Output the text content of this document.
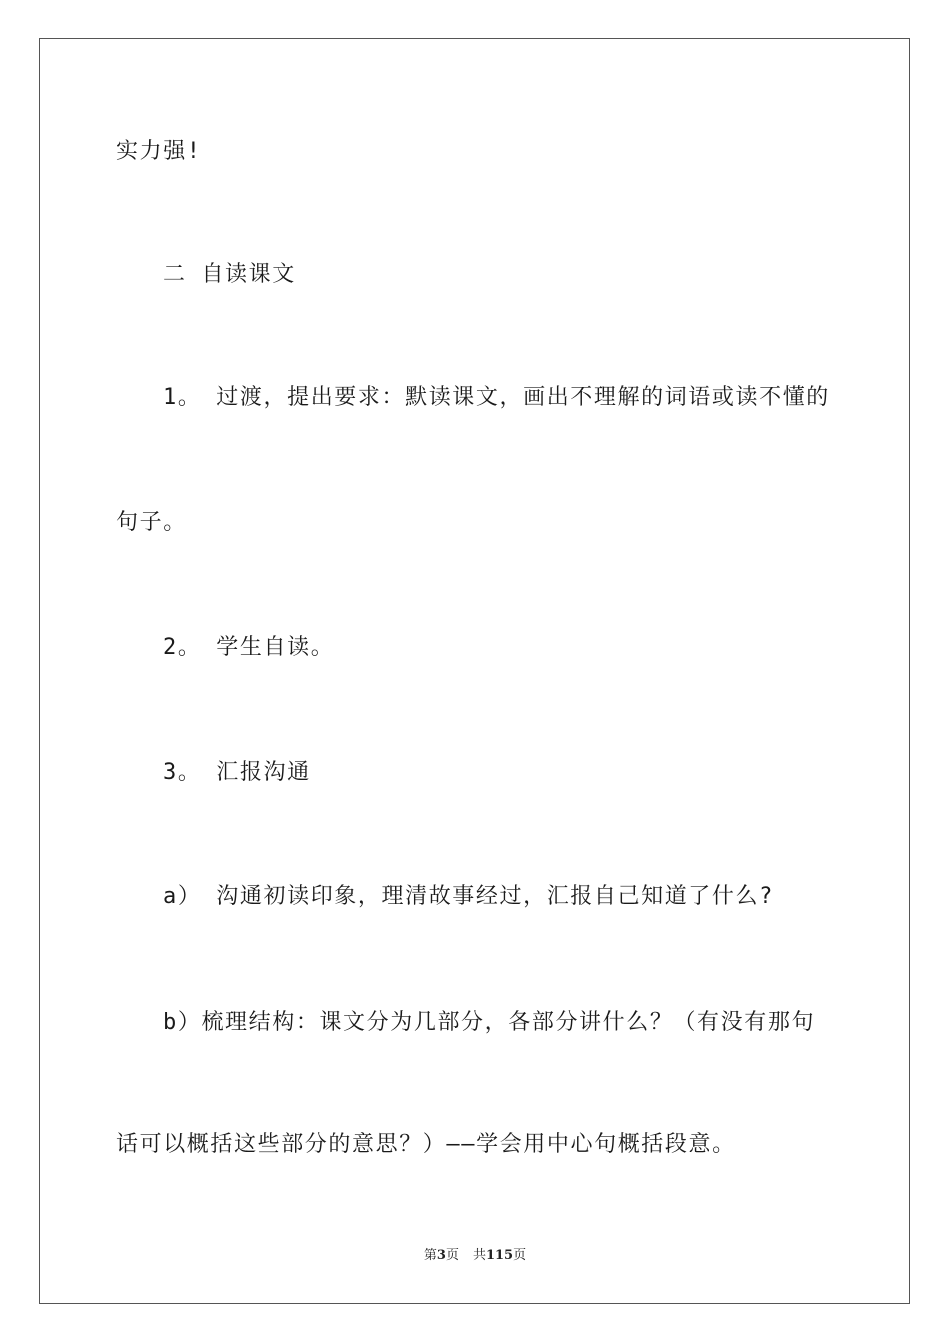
实力强!
二 自读课文
1。 过渡，提出要求：默读课文，画出不理解的词语或读不懂的
句子。
2。 学生自读。
3。 汇报沟通
a） 沟通初读印象，理清故事经过，汇报自己知道了什么?
b）梳理结构：课文分为几部分，各部分讲什么？（有没有那句
话可以概括这些部分的意思？）——学会用中心句概括段意。
第3页 共115页
